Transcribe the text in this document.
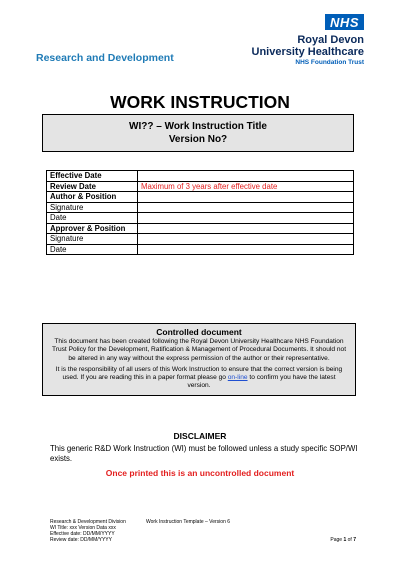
Research and Development
NHS
Royal Devon
University Healthcare
NHS Foundation Trust
WORK INSTRUCTION
WI?? – Work Instruction Title
Version No?
Effective Date	
Review Date	Maximum of 3 years after effective date
Author & Position	
Signature	
Date	
Approver & Position	
Signature	
Date	
Controlled document

This document has been created following the Royal Devon University Healthcare NHS Foundation Trust Policy for the Development, Ratification & Management of Procedural Documents. It should not be altered in any way without the express permission of the author or their representative.

It is the responsibility of all users of this Work Instruction to ensure that the correct version is being used. If you are reading this in a paper format please go on-line to confirm you have the latest version.

DISCLAIMER
This generic R&D Work Instruction (WI) must be followed unless a study specific SOP/WI exists.
Once printed this is an uncontrolled document
Research & Development Division	Work Instruction Template – Version 6
WI Title: xxx Version Data xxx
Effective date: DD/MM/YYYY
Review date: DD/MM/YYYY	Page 1 of 7
